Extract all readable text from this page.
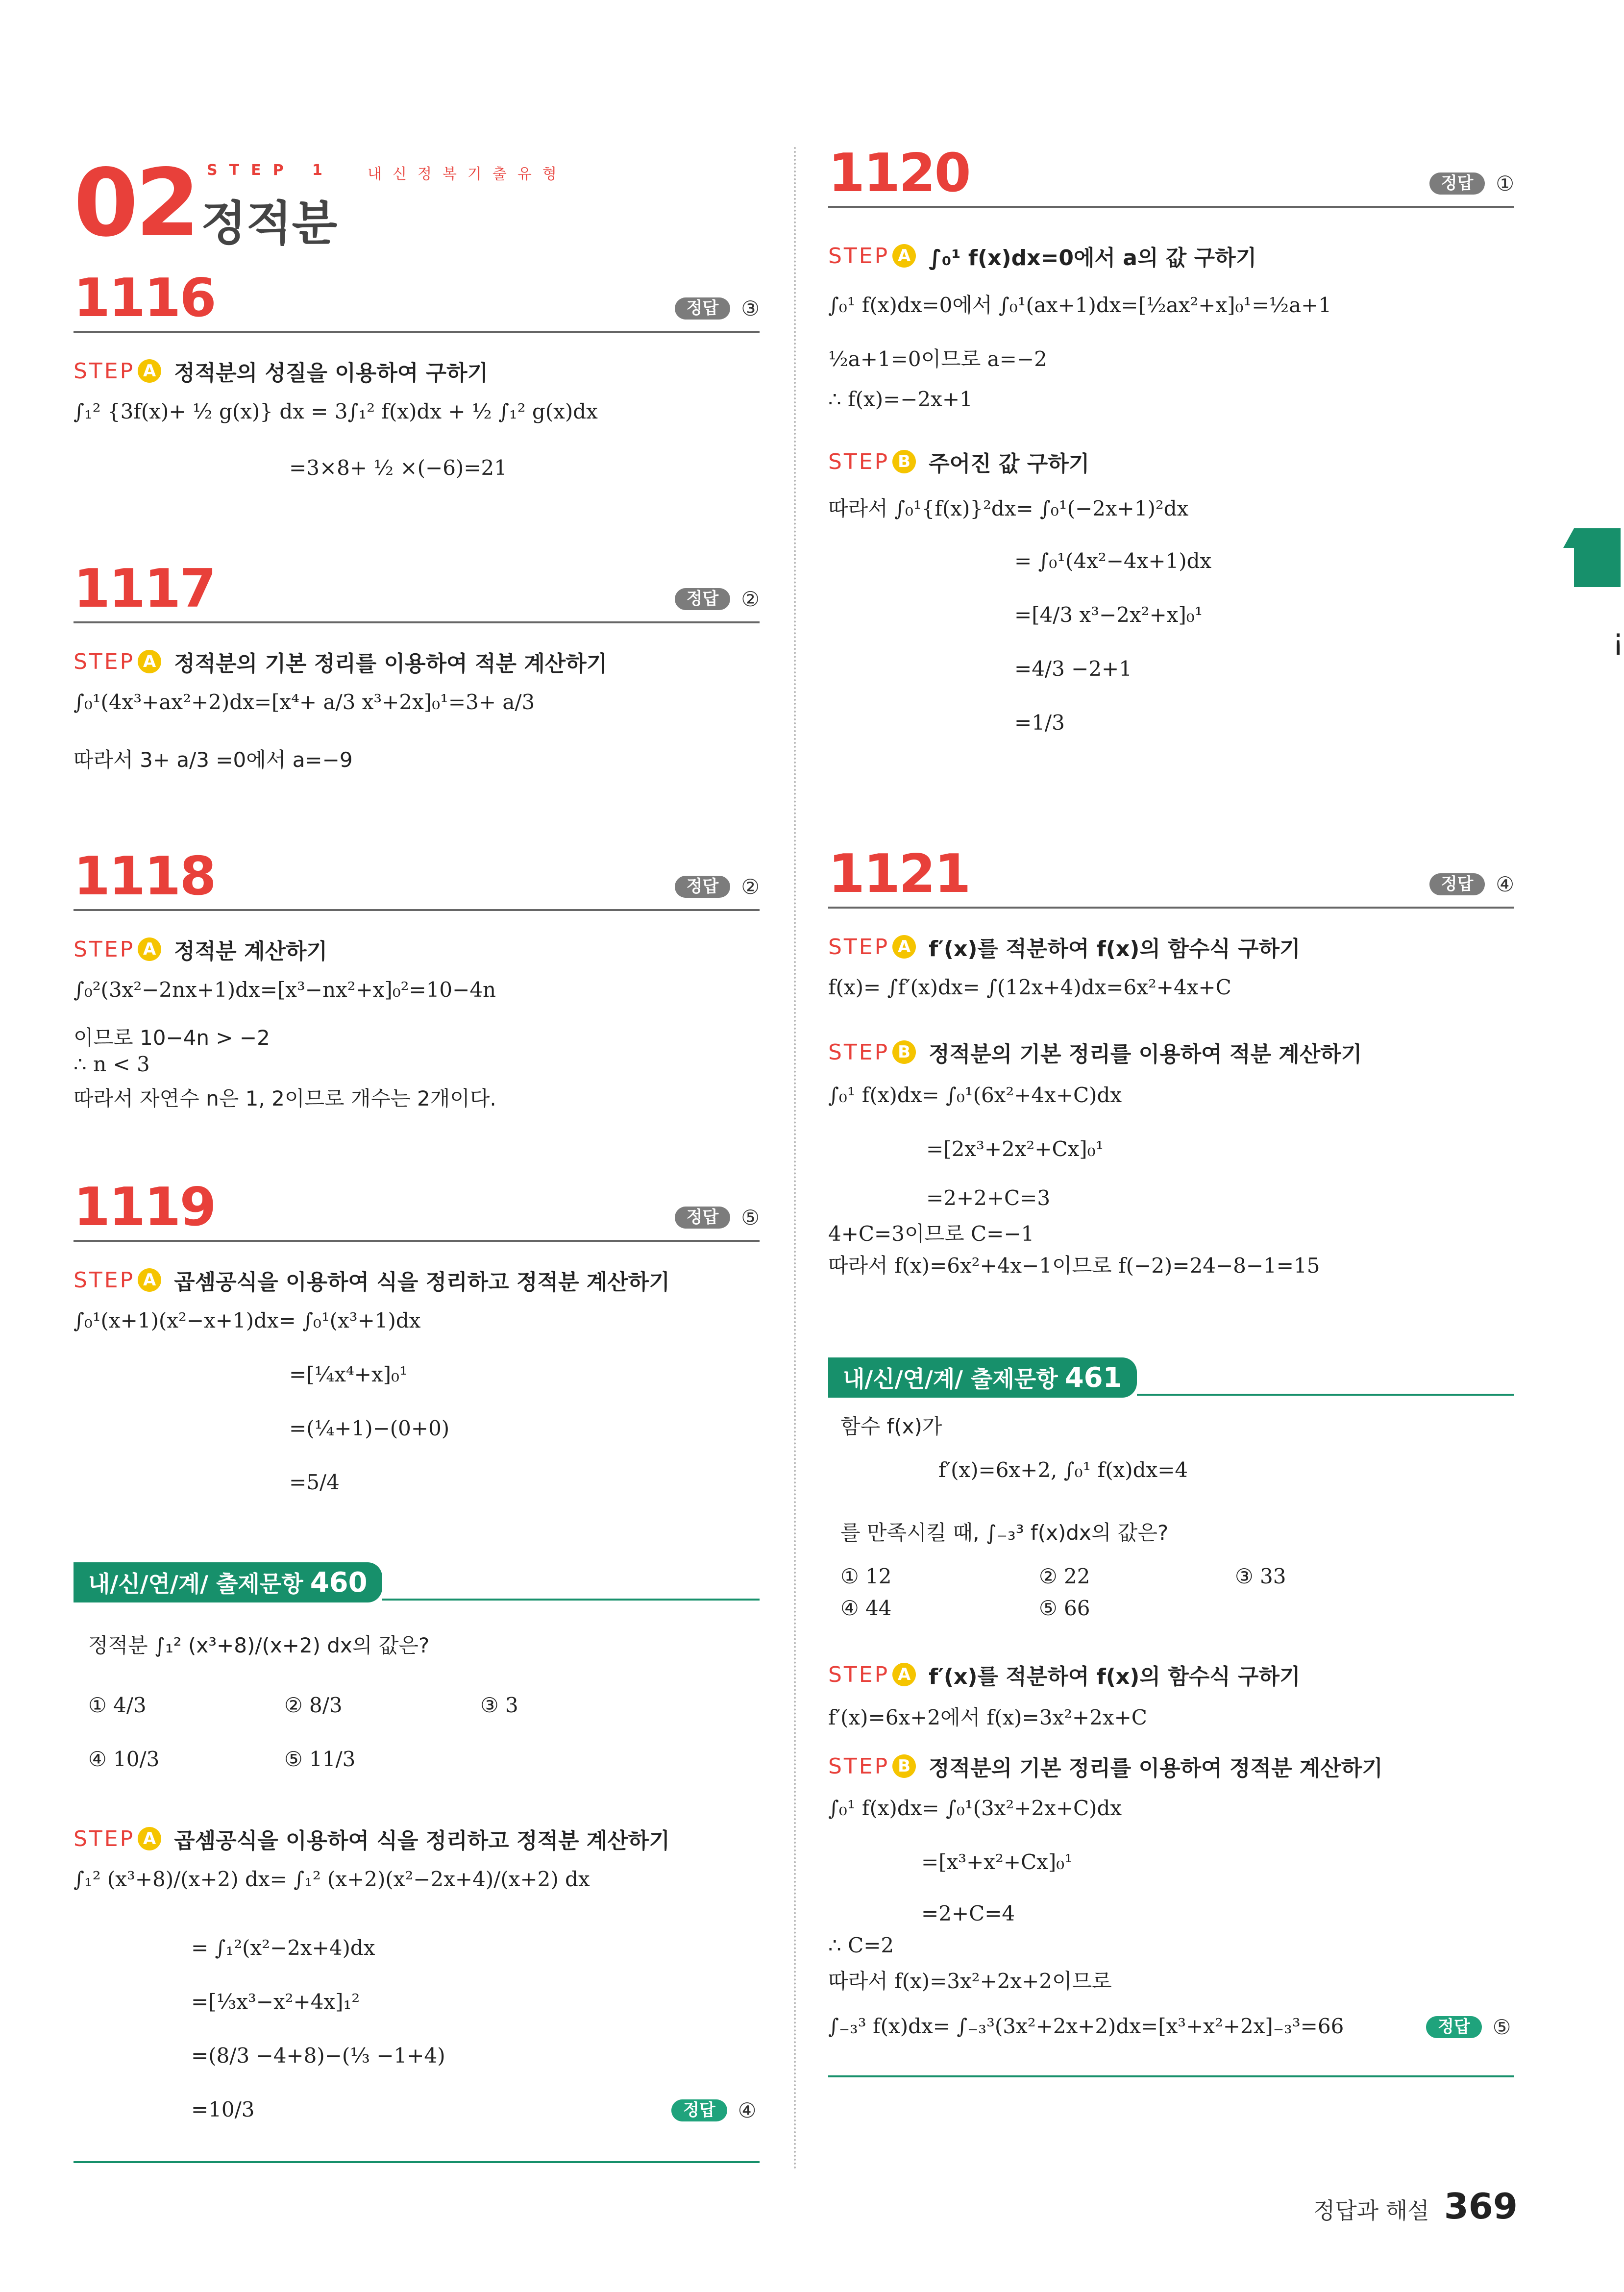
¡
02 STEP 1 내신정복기출유형
정적분
1116	정답	③
STEP A 정적분의 성질을 이용하여 구하기
∫₁² {3f(x)+ ½ g(x)} dx = 3∫₁² f(x)dx + ½ ∫₁² g(x)dx
=3×8+ ½ ×(−6)=21
1117	정답	②
STEP A 정적분의 기본 정리를 이용하여 적분 계산하기
∫₀¹(4x³+ax²+2)dx=[x⁴+ a/3 x³+2x]₀¹=3+ a/3
따라서 3+ a/3 =0에서 a=−9
1118	정답	②
STEP A 정적분 계산하기
∫₀²(3x²−2nx+1)dx=[x³−nx²+x]₀²=10−4n
이므로 10−4n > −2
∴ n < 3
따라서 자연수 n은 1, 2이므로 개수는 2개이다.
1119	정답	⑤
STEP A 곱셈공식을 이용하여 식을 정리하고 정적분 계산하기
∫₀¹(x+1)(x²−x+1)dx= ∫₀¹(x³+1)dx
=[¼x⁴+x]₀¹
=(¼+1)−(0+0)
=5/4
내/신/연/계/ 출제문항 460
정적분 ∫₁² (x³+8)/(x+2) dx의 값은?
① 4/3	② 8/3	③ 3
④ 10/3	⑤ 11/3
STEP A 곱셈공식을 이용하여 식을 정리하고 정적분 계산하기
∫₁² (x³+8)/(x+2) dx= ∫₁² (x+2)(x²−2x+4)/(x+2) dx
= ∫₁²(x²−2x+4)dx
=[⅓x³−x²+4x]₁²
=(8/3 −4+8)−(⅓ −1+4)
=10/3	정답	④
1120	정답	①
STEP A ∫₀¹ f(x)dx=0에서 a의 값 구하기
∫₀¹ f(x)dx=0에서 ∫₀¹(ax+1)dx=[½ax²+x]₀¹=½a+1
½a+1=0이므로 a=−2
∴ f(x)=−2x+1
STEP B 주어진 값 구하기
따라서 ∫₀¹{f(x)}²dx= ∫₀¹(−2x+1)²dx
= ∫₀¹(4x²−4x+1)dx
=[4/3 x³−2x²+x]₀¹
=4/3 −2+1
=1/3
1121	정답	④
STEP A f′(x)를 적분하여 f(x)의 함수식 구하기
f(x)= ∫f′(x)dx= ∫(12x+4)dx=6x²+4x+C
STEP B 정적분의 기본 정리를 이용하여 적분 계산하기
∫₀¹ f(x)dx= ∫₀¹(6x²+4x+C)dx
=[2x³+2x²+Cx]₀¹
=2+2+C=3
4+C=3이므로 C=−1
따라서 f(x)=6x²+4x−1이므로 f(−2)=24−8−1=15
내/신/연/계/ 출제문항 461
함수 f(x)가
f′(x)=6x+2, ∫₀¹ f(x)dx=4
를 만족시킬 때, ∫₋₃³ f(x)dx의 값은?
① 12	② 22	③ 33
④ 44	⑤ 66
STEP A f′(x)를 적분하여 f(x)의 함수식 구하기
f′(x)=6x+2에서 f(x)=3x²+2x+C
STEP B 정적분의 기본 정리를 이용하여 정적분 계산하기
∫₀¹ f(x)dx= ∫₀¹(3x²+2x+C)dx
=[x³+x²+Cx]₀¹
=2+C=4
∴ C=2
따라서 f(x)=3x²+2x+2이므로
∫₋₃³ f(x)dx= ∫₋₃³(3x²+2x+2)dx=[x³+x²+2x]₋₃³=66	정답	⑤
정답과 해설 369
